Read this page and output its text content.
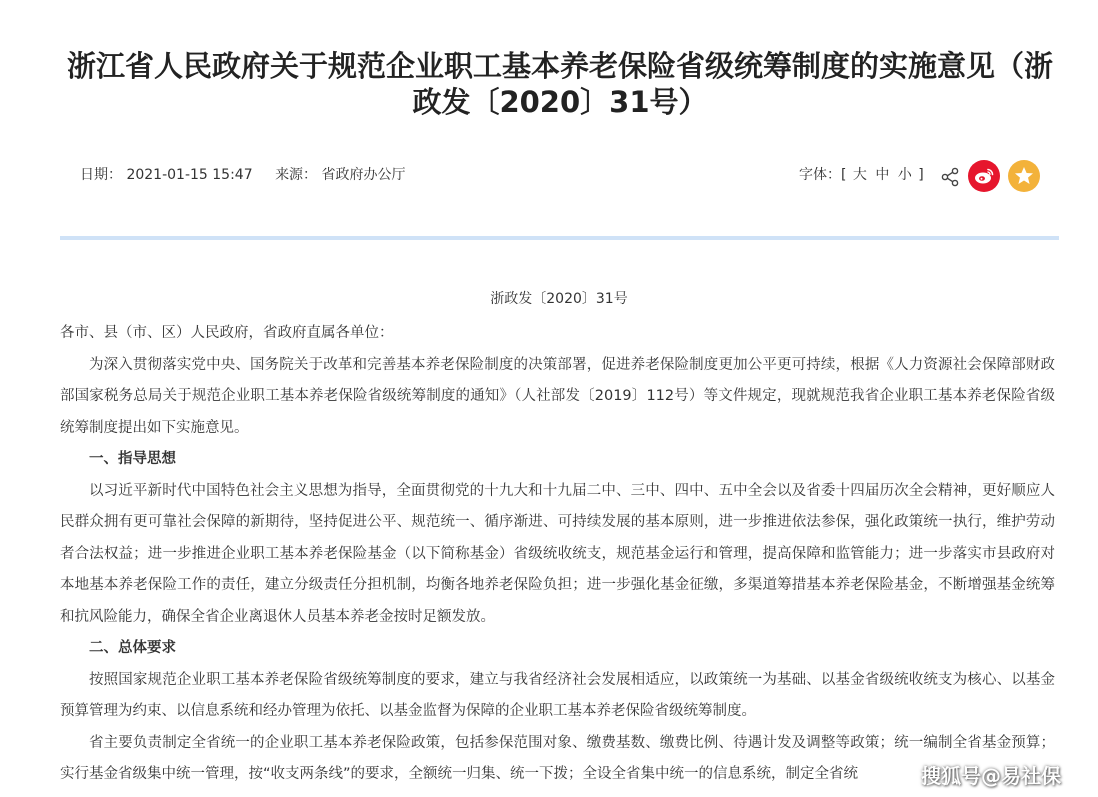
浙江省人民政府关于规范企业职工基本养老保险省级统筹制度的实施意见（浙政发〔2020〕31号）
日期： 2021-01-15 15:47 来源： 省政府办公厅	字体：[ 大 中 小 ]
浙政发〔2020〕31号

各市、县（市、区）人民政府，省政府直属各单位：

为深入贯彻落实党中央、国务院关于改革和完善基本养老保险制度的决策部署，促进养老保险制度更加公平更可持续，根据《人力资源社会保障部财政部国家税务总局关于规范企业职工基本养老保险省级统筹制度的通知》（人社部发〔2019〕112号）等文件规定，现就规范我省企业职工基本养老保险省级统筹制度提出如下实施意见。

一、指导思想

以习近平新时代中国特色社会主义思想为指导，全面贯彻党的十九大和十九届二中、三中、四中、五中全会以及省委十四届历次全会精神，更好顺应人民群众拥有更可靠社会保障的新期待，坚持促进公平、规范统一、循序渐进、可持续发展的基本原则，进一步推进依法参保，强化政策统一执行，维护劳动者合法权益；进一步推进企业职工基本养老保险基金（以下简称基金）省级统收统支，规范基金运行和管理，提高保障和监管能力；进一步落实市县政府对本地基本养老保险工作的责任，建立分级责任分担机制，均衡各地养老保险负担；进一步强化基金征缴，多渠道筹措基本养老保险基金，不断增强基金统筹和抗风险能力，确保全省企业离退休人员基本养老金按时足额发放。

二、总体要求

按照国家规范企业职工基本养老保险省级统筹制度的要求，建立与我省经济社会发展相适应，以政策统一为基础、以基金省级统收统支为核心、以基金预算管理为约束、以信息系统和经办管理为依托、以基金监督为保障的企业职工基本养老保险省级统筹制度。

省主要负责制定全省统一的企业职工基本养老保险政策，包括参保范围对象、缴费基数、缴费比例、待遇计发及调整等政策；统一编制全省基金预算；实行基金省级集中统一管理，按“收支两条线”的要求，全额统一归集、统一下拨；全设全省集中统一的信息系统，制定全省统	搜狐号@易社保
